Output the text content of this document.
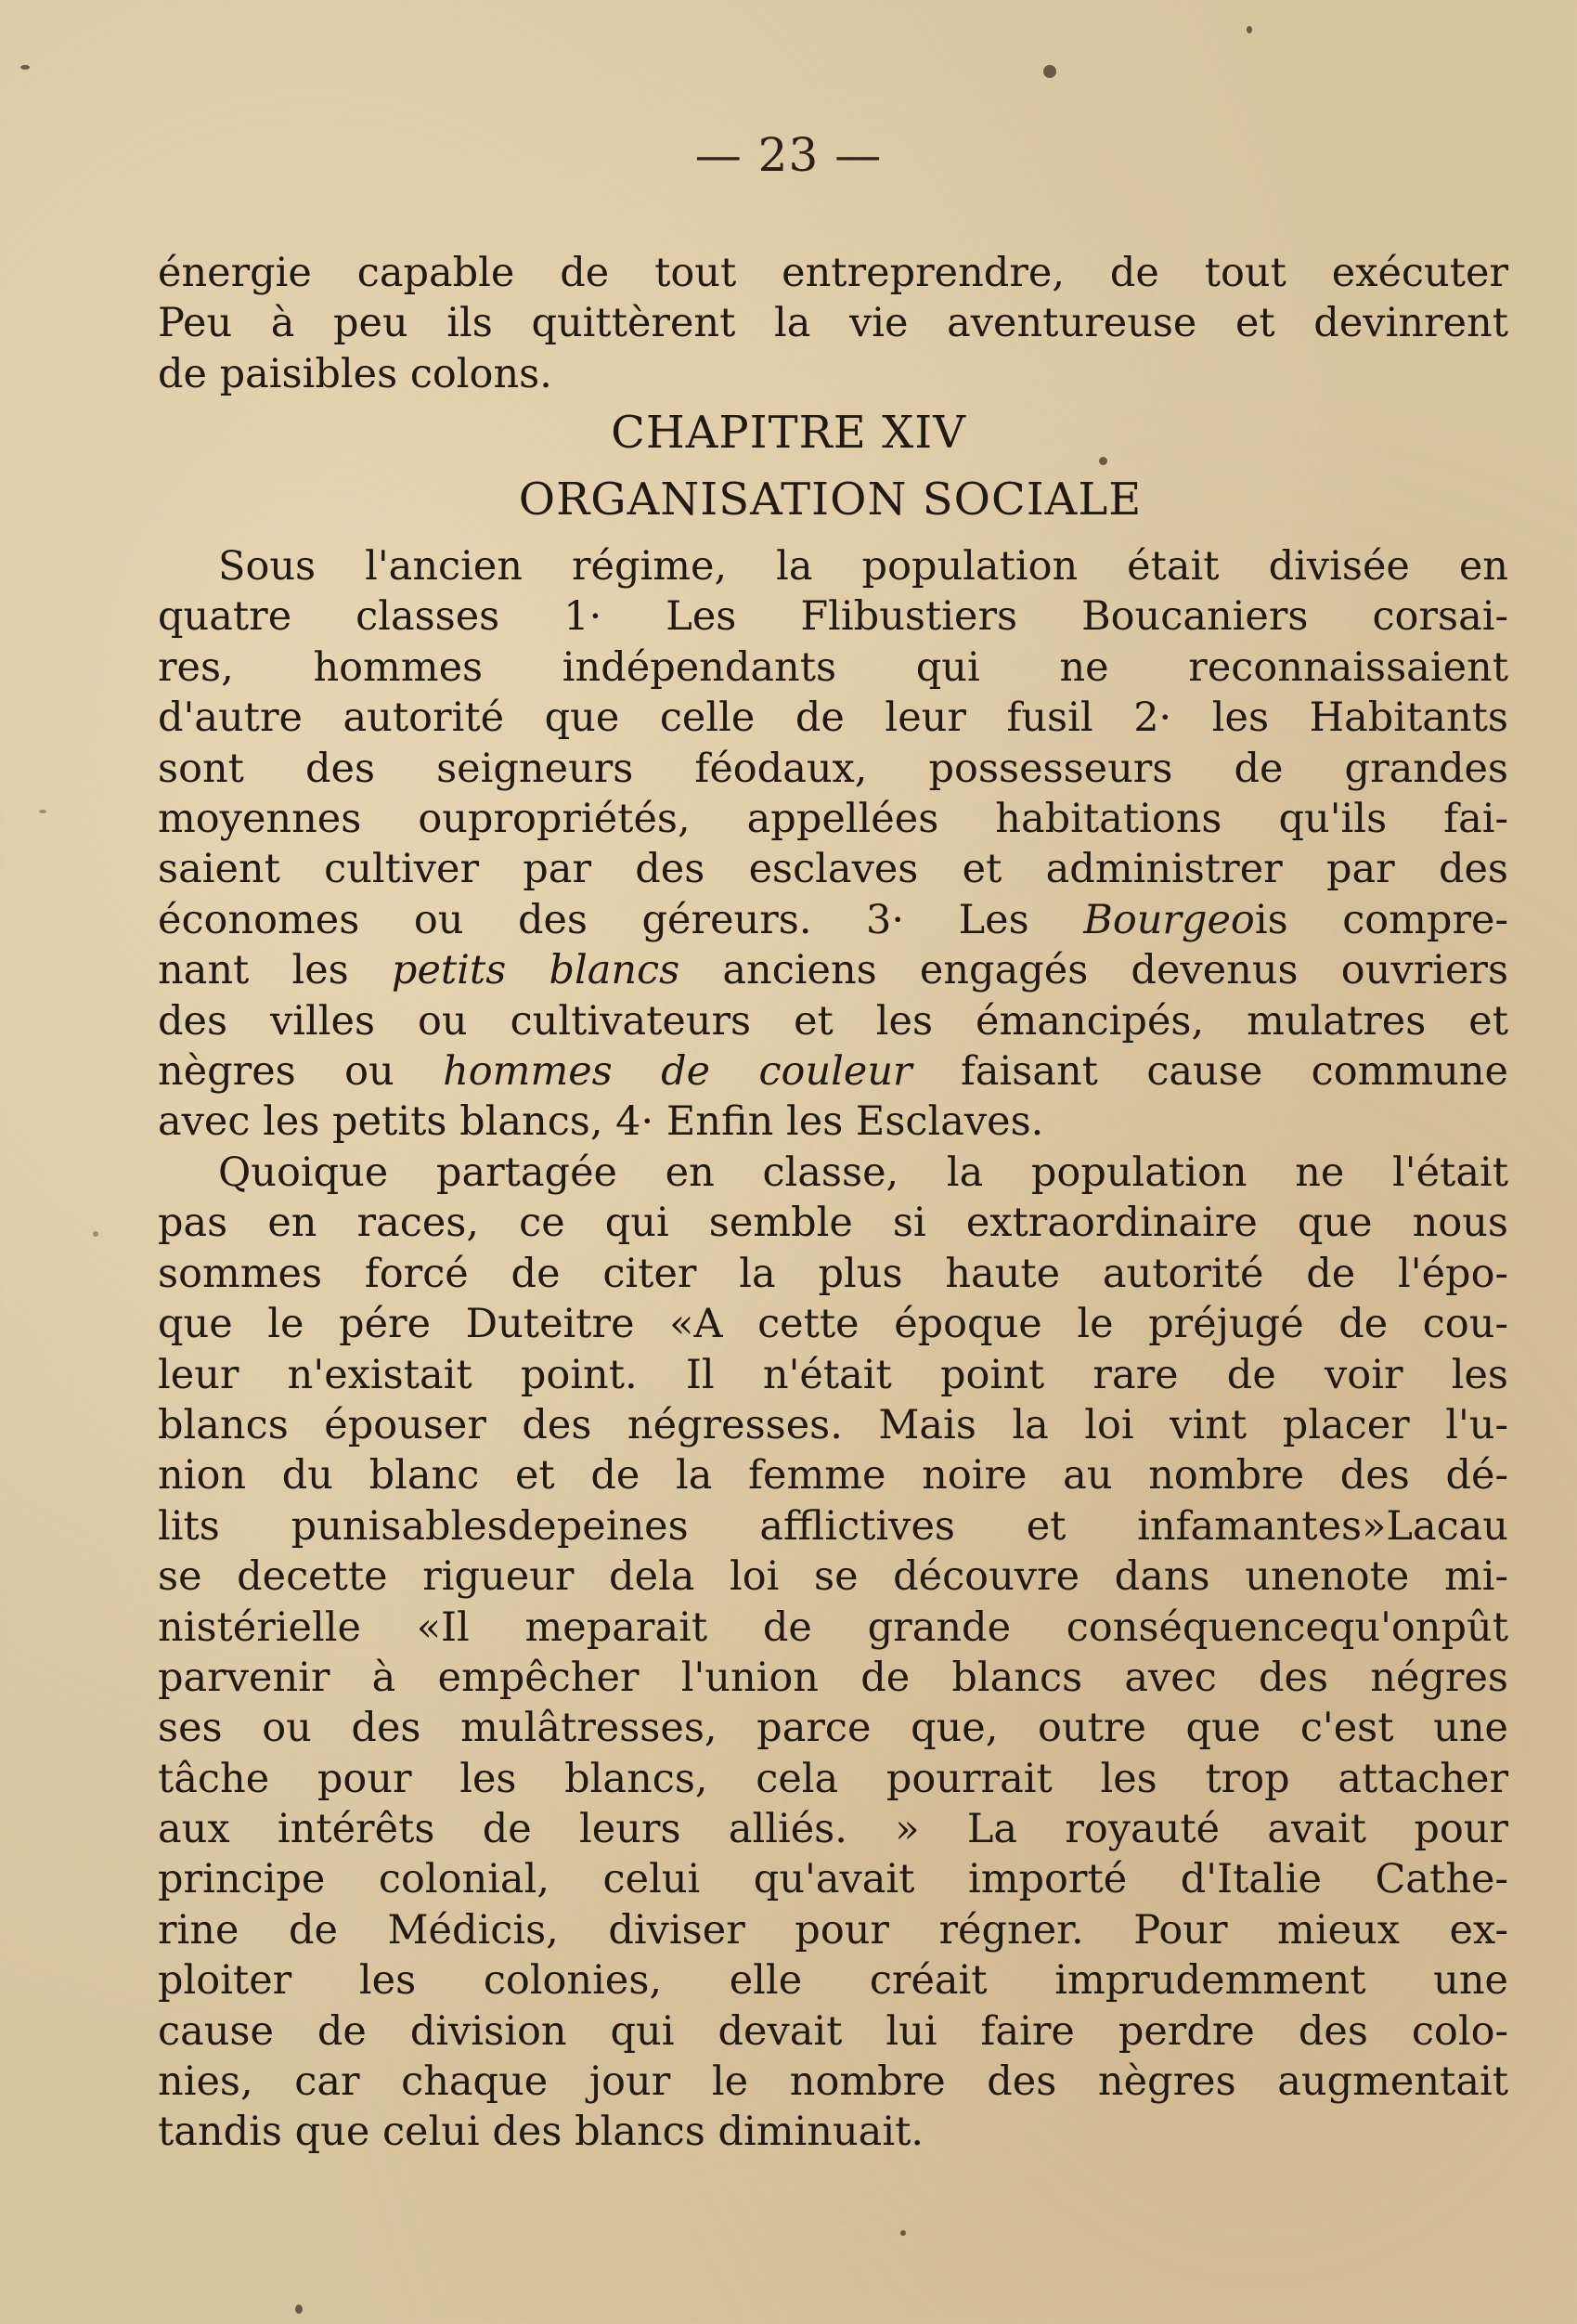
— 23 —
énergie capable de tout entreprendre, de tout exécuter
Peu à peu ils quittèrent la vie aventureuse et devinrent
de paisibles colons.
CHAPITRE XIV
ORGANISATION SOCIALE
Sous l'ancien régime, la population était divisée en
quatre classes 1· Les Flibustiers Boucaniers corsai-
res, hommes indépendants qui ne reconnaissaient
d'autre autorité que celle de leur fusil 2· les Habitants
sont des seigneurs féodaux, possesseurs de grandes
moyennes oupropriétés, appellées habitations qu'ils fai-
saient cultiver par des esclaves et administrer par des
économes ou des géreurs. 3· Les Bourgeois compre-
nant les petits blancs anciens engagés devenus ouvriers
des villes ou cultivateurs et les émancipés, mulatres et
nègres ou hommes de couleur faisant cause commune
avec les petits blancs, 4· Enfin les Esclaves.
Quoique partagée en classe, la population ne l'était
pas en races, ce qui semble si extraordinaire que nous
sommes forcé de citer la plus haute autorité de l'épo-
que le pére Duteitre «A cette époque le préjugé de cou-
leur n'existait point. Il n'était point rare de voir les
blancs épouser des négresses. Mais la loi vint placer l'u-
nion du blanc et de la femme noire au nombre des dé-
lits punisablesdepeines afflictives et infamantes»Lacau
se decette rigueur dela loi se découvre dans unenote mi-
nistérielle «Il meparait de grande conséquencequ'onpût
parvenir à empêcher l'union de blancs avec des négres
ses ou des mulâtresses, parce que, outre que c'est une
tâche pour les blancs, cela pourrait les trop attacher
aux intérêts de leurs alliés. » La royauté avait pour
principe colonial, celui qu'avait importé d'Italie Cathe-
rine de Médicis, diviser pour régner. Pour mieux ex-
ploiter les colonies, elle créait imprudemment une
cause de division qui devait lui faire perdre des colo-
nies, car chaque jour le nombre des nègres augmentait
tandis que celui des blancs diminuait.
